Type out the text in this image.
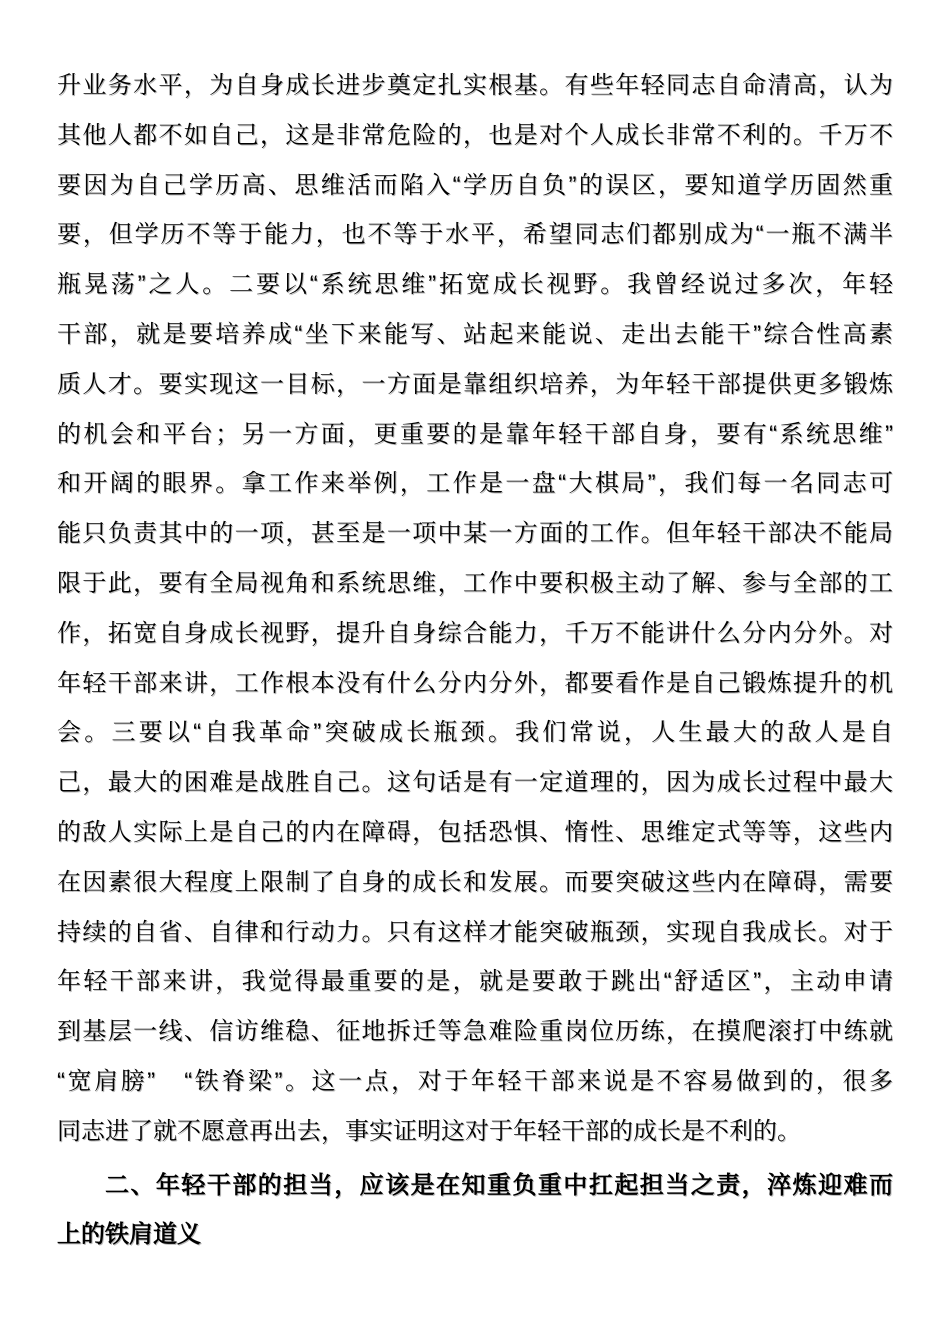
升业务水平，为自身成长进步奠定扎实根基。有些年轻同志自命清高，认为
其他人都不如自己，这是非常危险的，也是对个人成长非常不利的。千万不
要因为自己学历高、思维活而陷入“学历自负”的误区，要知道学历固然重
要，但学历不等于能力，也不等于水平，希望同志们都别成为“一瓶不满半
瓶晃荡”之人。二要以“系统思维”拓宽成长视野。我曾经说过多次，年轻
干部，就是要培养成“坐下来能写、站起来能说、走出去能干”综合性高素
质人才。要实现这一目标，一方面是靠组织培养，为年轻干部提供更多锻炼
的机会和平台；另一方面，更重要的是靠年轻干部自身，要有“系统思维”
和开阔的眼界。拿工作来举例，工作是一盘“大棋局”，我们每一名同志可
能只负责其中的一项，甚至是一项中某一方面的工作。但年轻干部决不能局
限于此，要有全局视角和系统思维，工作中要积极主动了解、参与全部的工
作，拓宽自身成长视野，提升自身综合能力，千万不能讲什么分内分外。对
年轻干部来讲，工作根本没有什么分内分外，都要看作是自己锻炼提升的机
会。三要以“自我革命”突破成长瓶颈。我们常说，人生最大的敌人是自
己，最大的困难是战胜自己。这句话是有一定道理的，因为成长过程中最大
的敌人实际上是自己的内在障碍，包括恐惧、惰性、思维定式等等，这些内
在因素很大程度上限制了自身的成长和发展。而要突破这些内在障碍，需要
持续的自省、自律和行动力。只有这样才能突破瓶颈，实现自我成长。对于
年轻干部来讲，我觉得最重要的是，就是要敢于跳出“舒适区”，主动申请
到基层一线、信访维稳、征地拆迁等急难险重岗位历练，在摸爬滚打中练就
“宽肩膀”　“铁脊梁”。这一点，对于年轻干部来说是不容易做到的，很多
同志进了就不愿意再出去，事实证明这对于年轻干部的成长是不利的。
二、年轻干部的担当，应该是在知重负重中扛起担当之责，淬炼迎难而
上的铁肩道义
